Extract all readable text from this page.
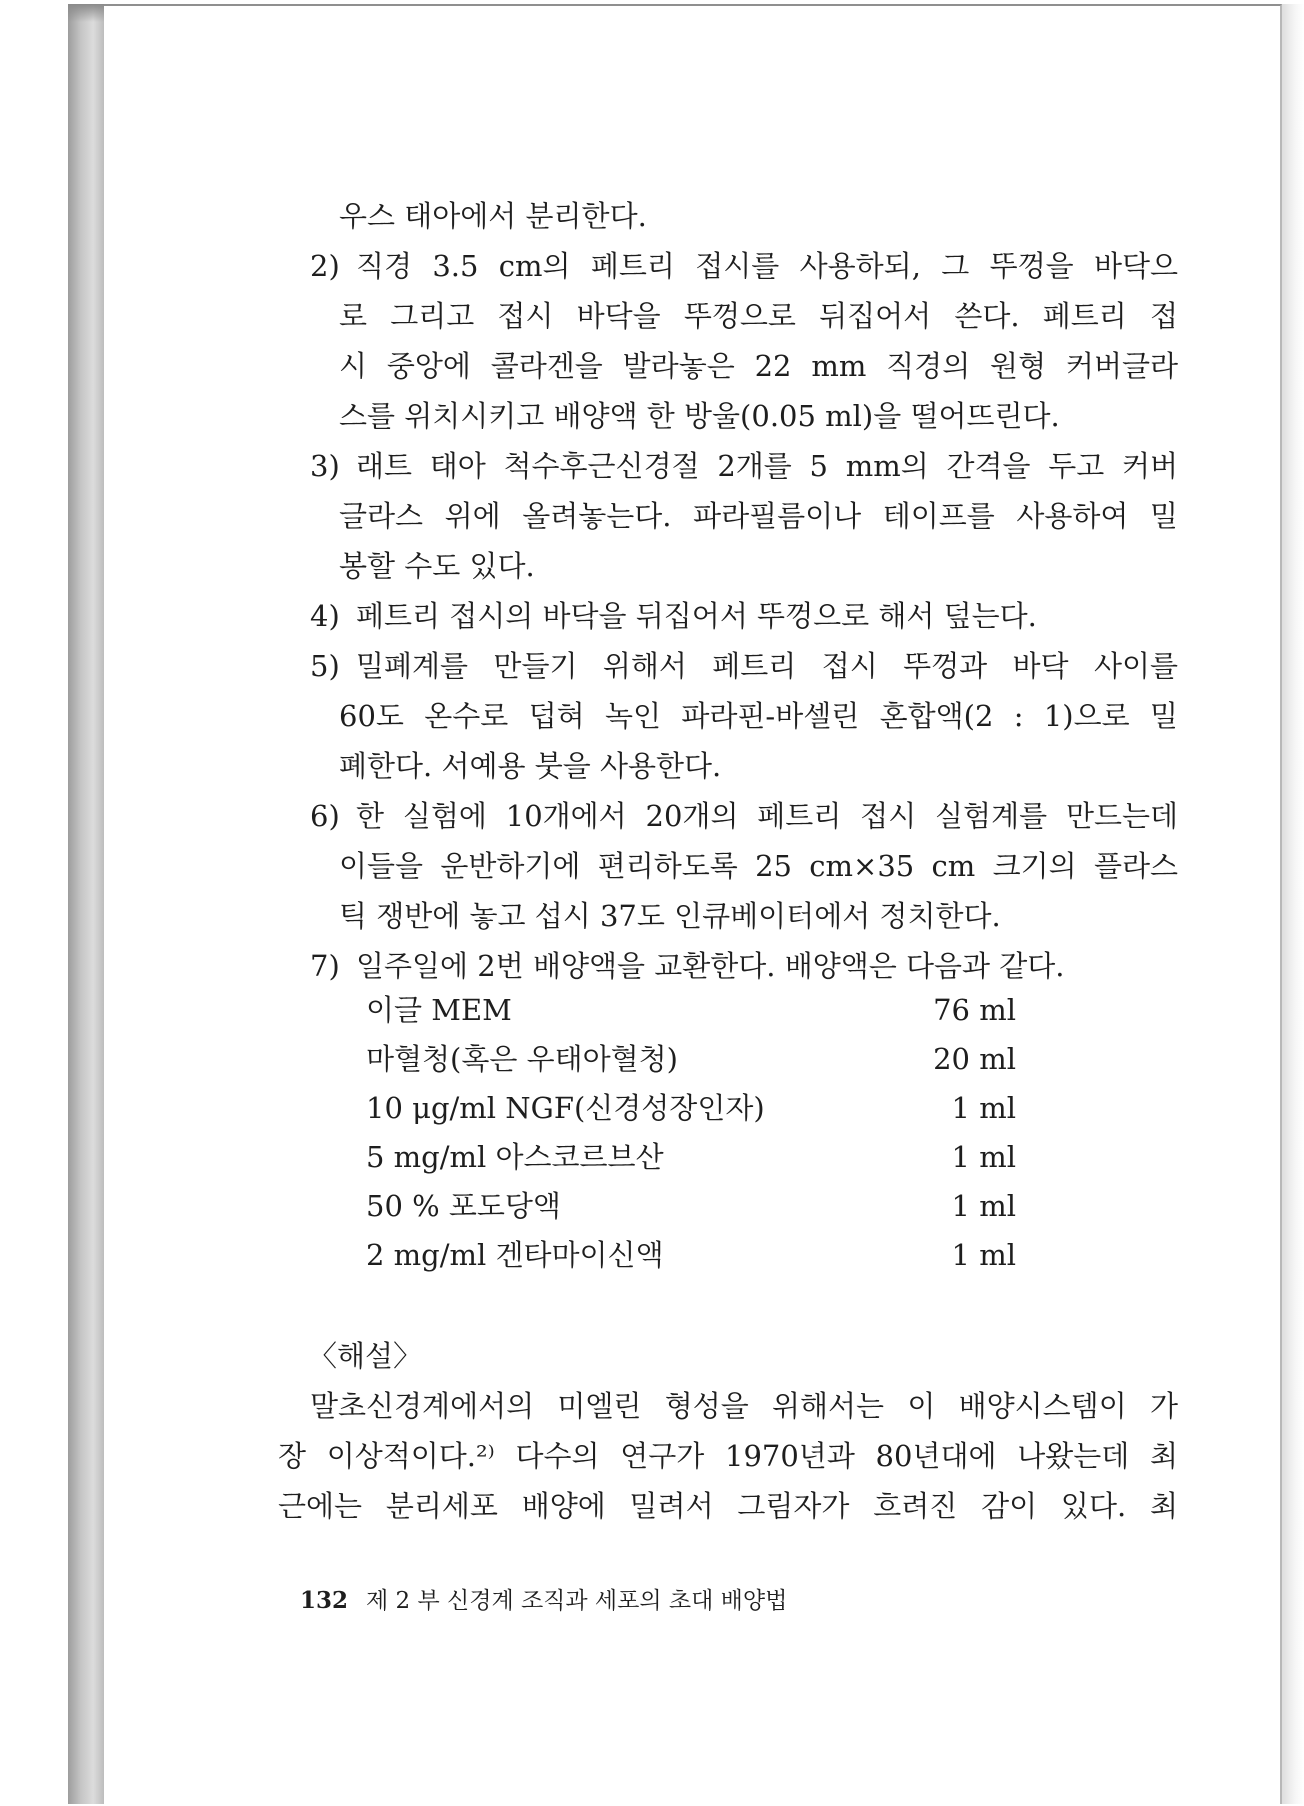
우스 태아에서 분리한다.
2) 직경 3.5 cm의 페트리 접시를 사용하되, 그 뚜껑을 바닥으
로 그리고 접시 바닥을 뚜껑으로 뒤집어서 쓴다. 페트리 접
시 중앙에 콜라겐을 발라놓은 22 mm 직경의 원형 커버글라
스를 위치시키고 배양액 한 방울(0.05 ml)을 떨어뜨린다.
3) 래트 태아 척수후근신경절 2개를 5 mm의 간격을 두고 커버
글라스 위에 올려놓는다. 파라필름이나 테이프를 사용하여 밀
봉할 수도 있다.
4) 페트리 접시의 바닥을 뒤집어서 뚜껑으로 해서 덮는다.
5) 밀폐계를 만들기 위해서 페트리 접시 뚜껑과 바닥 사이를
60도 온수로 덥혀 녹인 파라핀-바셀린 혼합액(2 : 1)으로 밀
폐한다. 서예용 붓을 사용한다.
6) 한 실험에 10개에서 20개의 페트리 접시 실험계를 만드는데
이들을 운반하기에 편리하도록 25 cm×35 cm 크기의 플라스
틱 쟁반에 놓고 섭시 37도 인큐베이터에서 정치한다.
7) 일주일에 2번 배양액을 교환한다. 배양액은 다음과 같다.
이글 MEM	76 ml
마혈청(혹은 우태아혈청)	20 ml
10 μg/ml NGF(신경성장인자)	1 ml
5 mg/ml 아스코르브산	1 ml
50 % 포도당액	1 ml
2 mg/ml 겐타마이신액	1 ml
〈해설〉
말초신경계에서의 미엘린 형성을 위해서는 이 배양시스템이 가
장 이상적이다.²⁾ 다수의 연구가 1970년과 80년대에 나왔는데 최
근에는 분리세포 배양에 밀려서 그림자가 흐려진 감이 있다. 최
132 제 2 부 신경계 조직과 세포의 초대 배양법
